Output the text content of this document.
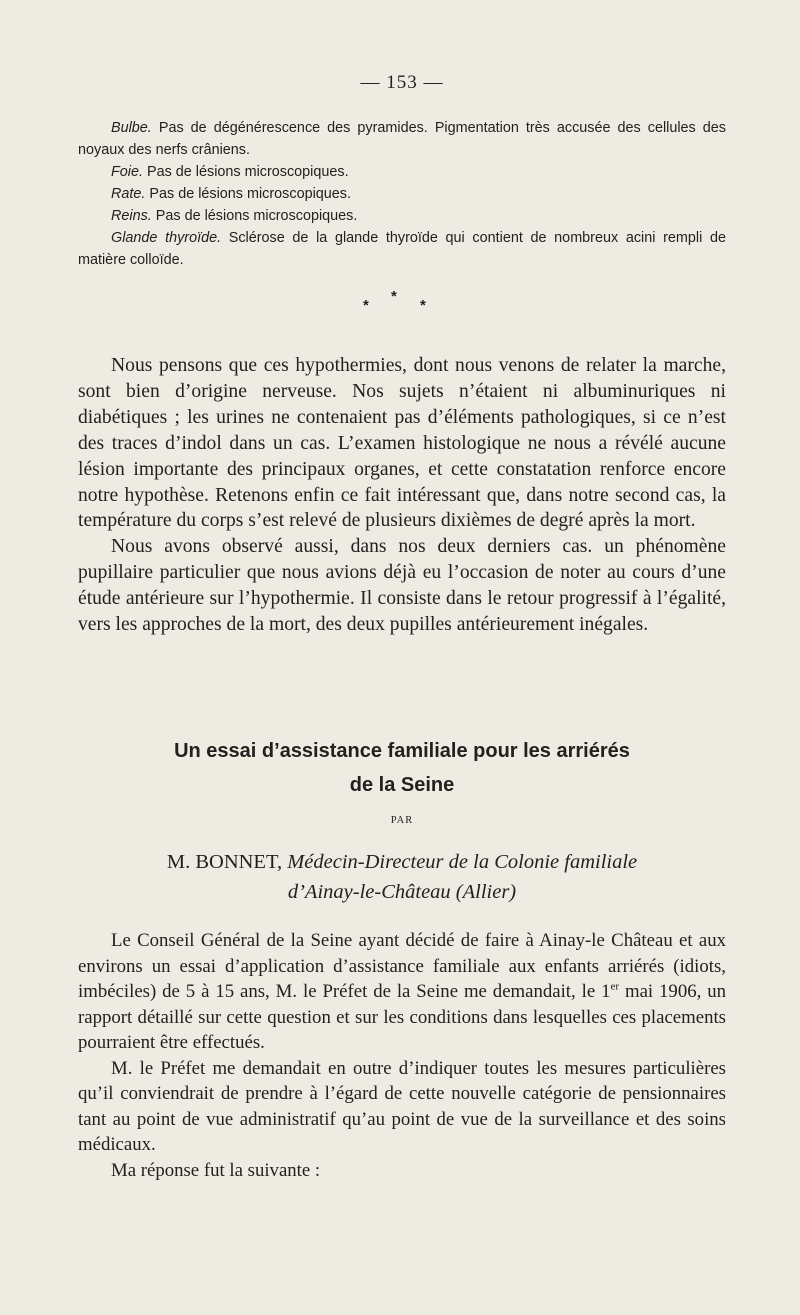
— 153 —

Bulbe. Pas de dégénérescence des pyramides. Pigmentation très accusée des cellules des noyaux des nerfs crâniens.

Foie. Pas de lésions microscopiques.

Rate. Pas de lésions microscopiques.

Reins. Pas de lésions microscopiques.

Glande thyroïde. Sclérose de la glande thyroïde qui contient de nombreux acini rempli de matière colloïde.

*
*
*

Nous pensons que ces hypothermies, dont nous venons de relater la marche, sont bien d’origine nerveuse. Nos sujets n’étaient ni albuminuriques ni diabétiques ; les urines ne contenaient pas d’éléments pathologiques, si ce n’est des traces d’indol dans un cas. L’examen histologique ne nous a révélé aucune lésion importante des principaux organes, et cette constatation renforce encore notre hypothèse. Retenons enfin ce fait intéressant que, dans notre second cas, la température du corps s’est relevé de plusieurs dixièmes de degré après la mort.

Nous avons observé aussi, dans nos deux derniers cas. un phénomène pupillaire particulier que nous avions déjà eu l’occasion de noter au cours d’une étude antérieure sur l’hypothermie. Il consiste dans le retour progressif à l’égalité, vers les approches de la mort, des deux pupilles antérieurement inégales.

Un essai d’assistance familiale pour les arriérés
de la Seine
PAR
M. BONNET, Médecin-Directeur de la Colonie familiale
d’Ainay-le-Château (Allier)

Le Conseil Général de la Seine ayant décidé de faire à Ainay-le Château et aux environs un essai d’application d’assistance familiale aux enfants arriérés (idiots, imbéciles) de 5 à 15 ans, M. le Préfet de la Seine me demandait, le 1er mai 1906, un rapport détaillé sur cette question et sur les conditions dans lesquelles ces placements pourraient être effectués.

M. le Préfet me demandait en outre d’indiquer toutes les mesures particulières qu’il conviendrait de prendre à l’égard de cette nouvelle catégorie de pensionnaires tant au point de vue administratif qu’au point de vue de la surveillance et des soins médicaux.

Ma réponse fut la suivante :
